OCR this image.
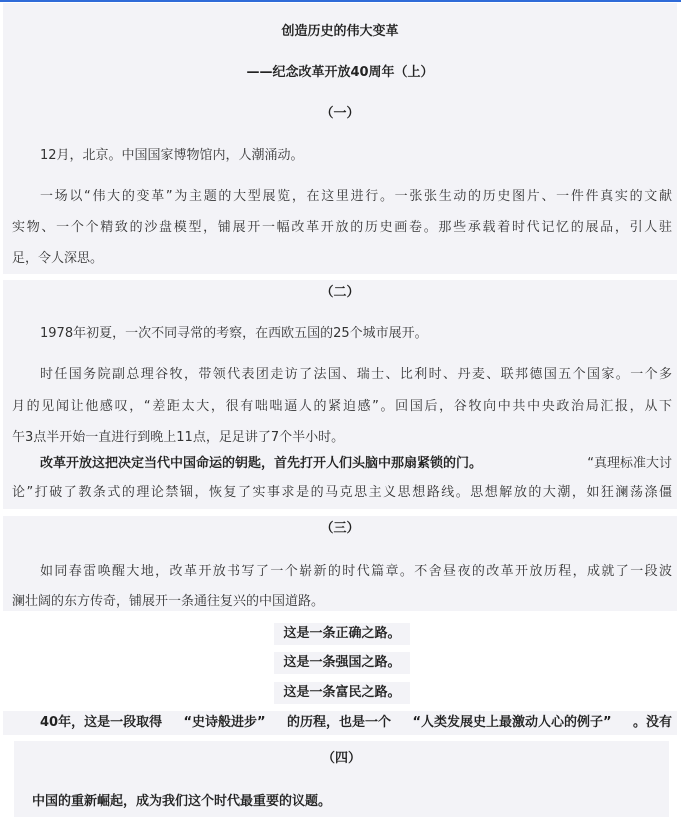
创造历史的伟大变革
——纪念改革开放40周年（上）
（一）
12月，北京。中国国家博物馆内，人潮涌动。
一场以“伟大的变革”为主题的大型展览，在这里进行。一张张生动的历史图片、一件件真实的文献
实物、一个个精致的沙盘模型，铺展开一幅改革开放的历史画卷。那些承载着时代记忆的展品，引人驻
足，令人深思。
（二）
1978年初夏，一次不同寻常的考察，在西欧五国的25个城市展开。
时任国务院副总理谷牧，带领代表团走访了法国、瑞士、比利时、丹麦、联邦德国五个国家。一个多
月的见闻让他感叹，“差距太大，很有咄咄逼人的紧迫感”。回国后，谷牧向中共中央政治局汇报，从下
午3点半开始一直进行到晚上11点，足足讲了7个半小时。
改革开放这把决定当代中国命运的钥匙，首先打开人们头脑中那扇紧锁的门。	“真理标准大讨
论”打破了教条式的理论禁锢，恢复了实事求是的马克思主义思想路线。思想解放的大潮，如狂澜荡涤僵
（三）
如同春雷唤醒大地，改革开放书写了一个崭新的时代篇章。不舍昼夜的改革开放历程，成就了一段波
澜壮阔的东方传奇，铺展开一条通往复兴的中国道路。
这是一条正确之路。
这是一条强国之路。
这是一条富民之路。
40年，这是一段取得 “史诗般进步” 的历程，也是一个 “人类发展史上最激动人心的例子” 。没有
（四）
中国的重新崛起，成为我们这个时代最重要的议题。
